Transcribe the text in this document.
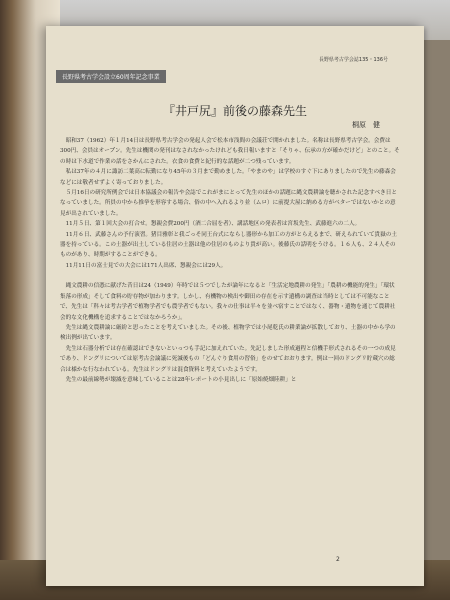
長野県考古学会誌135・136号
長野県考古学会設立60周年記念事業
『井戸尻』前後の藤森先生
桐原　健

昭和37（1962）年１月14日は長野県考古学会の発起人会で松本市浅間の会議荘で開かれました。名称は長野県考古学会。会費は300円、会員はオープン。先生は機関の発刊はなされなかったけれども我日報いますと「そりゃ、伝承の方が確かだけど」とのこと。その時は下水道で作業の話をさかんにされた。衣食の食費と紀行的な話題が二つ残っています。

私は37年の４月に諏訪二葉高に転勤になり45年の３月まで勤めました。「やまのや」は学校のすぐ下にありましたので先生の藤森会などには敬者せずよく寄っておりました。

５月16日の研究所例会では日本協議会の報告や会誌でこれがまにとって先生のほかの話題に縄文農耕論を聴かされた記念すべき日となっていました。所員の中から推挙を形容する場合、俗の中へ入れるより並（ムロ）に前提大屋に納める方がベターではないかとの意見が出されていました。

11月５日、第１回大会の打合せ。懇親会費200円（酒二合屈を者）、講話地区の発表者は宮坂先生、武藤進六の二人。

11月６日、武藤さんの予行演習。猪目雅彰と我ごっそ同王台式にならし器形から加工の方がとらえるまで、研えられていて貴嶽の土器を持っている。この土器が出土している住居の土器は他の住居のものより貴が高い。後藤氏の話明をうける。１６人も、２４人そのものがあり、時期がすることができる。

11月11日の富士見での大会には171人出席、懇親会には29人。

縄文農耕の信憑に献げた昔日は24（1949）年時では５つでしたが論年になると「生活定地農耕の発生」「農耕の機能的発生」「環状集落の形成」そして食料の貯存物が加わります。しかし、有機物の検出や御田の存在を示す遺構の調査は当時としては不可能なことで、先生は「科々は考古学者で植物学者でも農学者でもない。我々の仕事は半々を並べ宿すことではなく、器物・遺物を通じて農耕社会的な文化機構を追求することではなかろうか」。

先生は縄文農耕論に厳紛と思ったことを考えていました。その後、植物学では小尾乾氏の耕業論が拡散しており、土器の中から学の検出例が出ています。

先生は石器分析では存在確認はできないといっつも手記に加えれていた。先記しました形成過程と信機手形式されるその一つの成見であり、ドングリについては原考古会論議に死滅後もの「どんぐり食用の習俗」をのせておおります。例は一回のドングリ貯蔵穴の総合は様かな行なわれている。先生はドングリは混食資料と考えていたようです。

先生の最前線勢が壊滅を意味していることは28年レポートの小見出しに「原始焼畑陸耕」と

2
